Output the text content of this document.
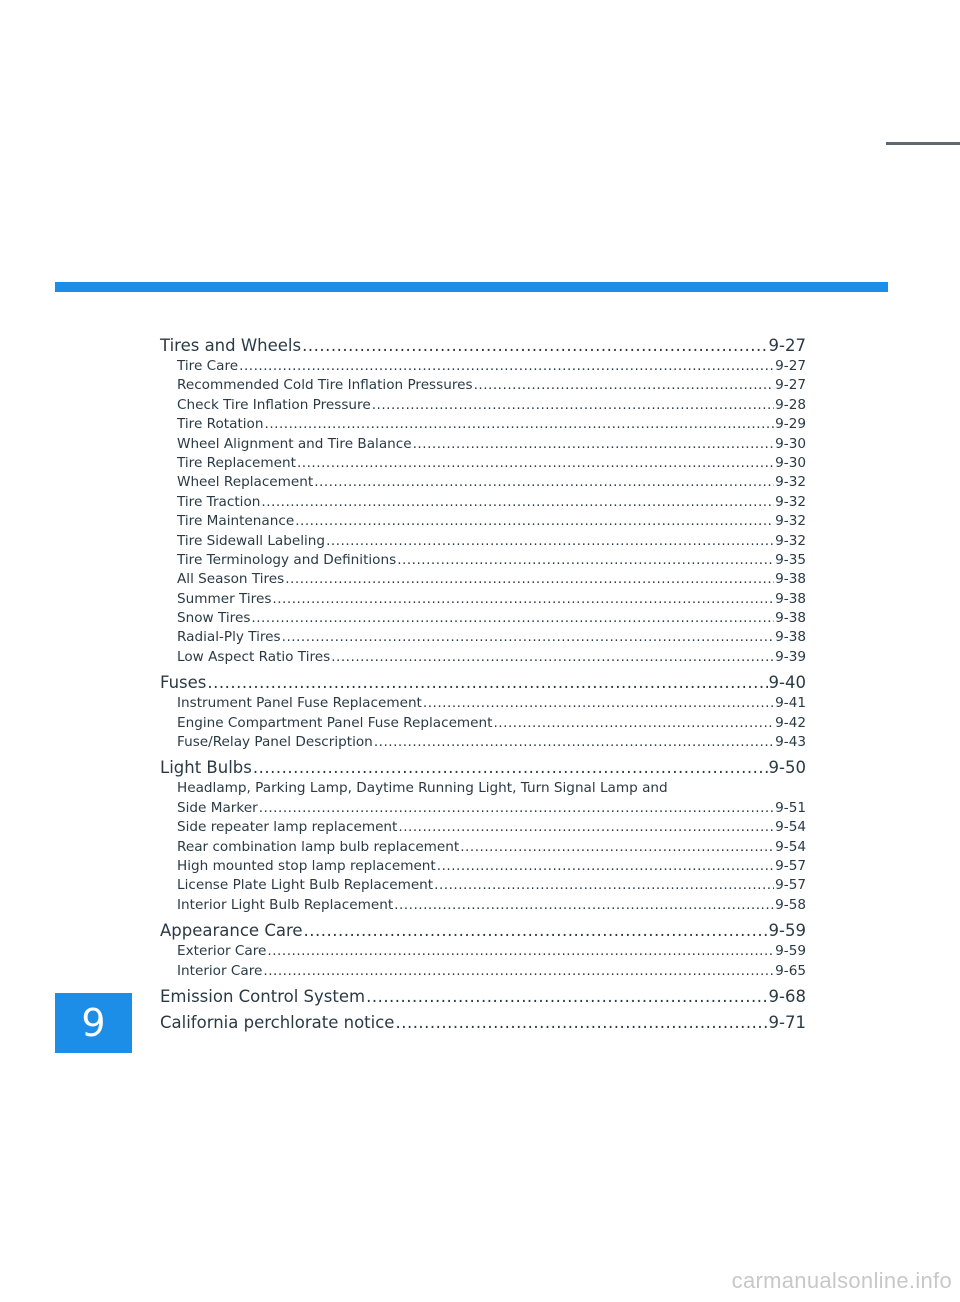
Tires and Wheels .....	9-27
Tire Care .....	9-27
Recommended Cold Tire Inflation Pressures .....	9-27
Check Tire Inflation Pressure .....	9-28
Tire Rotation .....	9-29
Wheel Alignment and Tire Balance .....	9-30
Tire Replacement .....	9-30
Wheel Replacement .....	9-32
Tire Traction .....	9-32
Tire Maintenance .....	9-32
Tire Sidewall Labeling .....	9-32
Tire Terminology and Definitions .....	9-35
All Season Tires .....	9-38
Summer Tires .....	9-38
Snow Tires .....	9-38
Radial-Ply Tires .....	9-38
Low Aspect Ratio Tires .....	9-39
Fuses .....	9-40
Instrument Panel Fuse Replacement .....	9-41
Engine Compartment Panel Fuse Replacement .....	9-42
Fuse/Relay Panel Description .....	9-43
Light Bulbs .....	9-50
Headlamp, Parking Lamp, Daytime Running Light, Turn Signal Lamp and
Side Marker .....	9-51
Side repeater lamp replacement .....	9-54
Rear combination lamp bulb replacement .....	9-54
High mounted stop lamp replacement .....	9-57
License Plate Light Bulb Replacement .....	9-57
Interior Light Bulb Replacement .....	9-58
Appearance Care .....	9-59
Exterior Care .....	9-59
Interior Care .....	9-65
Emission Control System .....	9-68
California perchlorate notice .....	9-71
9
carmanualsonline.info
